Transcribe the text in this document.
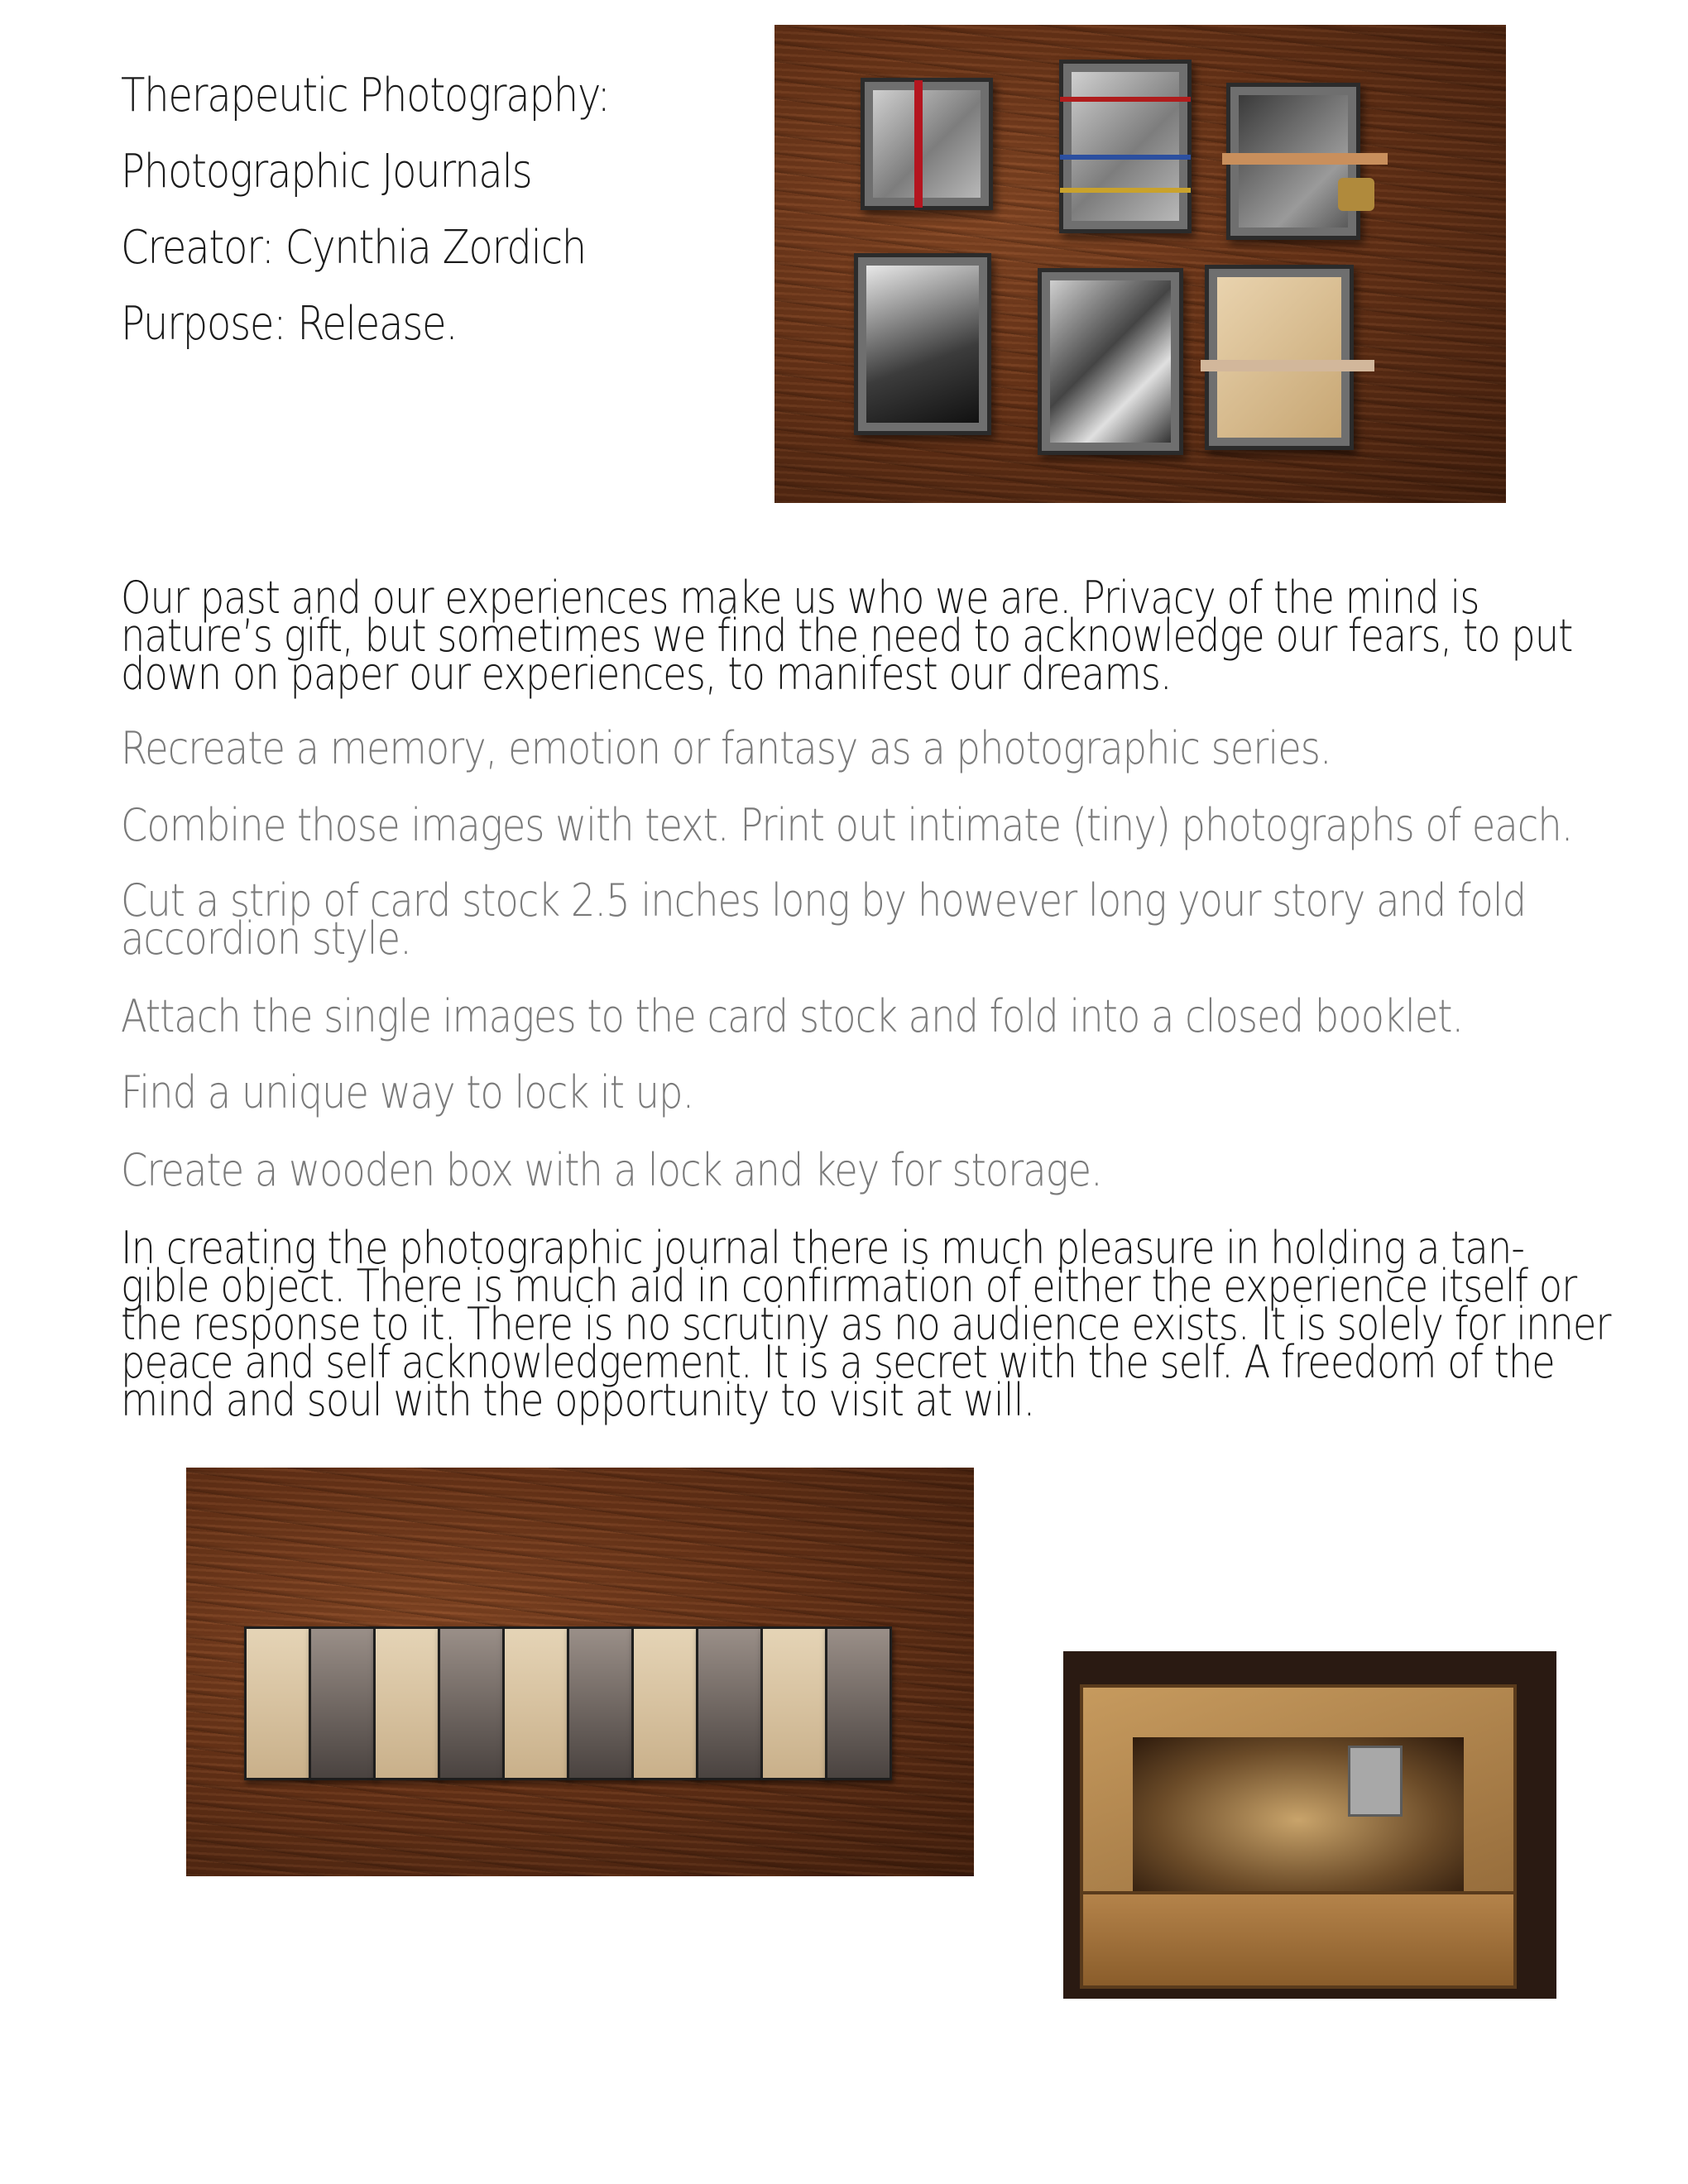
Therapeutic Photography:
Photographic Journals
Creator: Cynthia Zordich
Purpose: Release.
Our past and our experiences make us who we are. Privacy of the mind is
nature’s gift, but sometimes we find the need to acknowledge our fears, to put
down on paper our experiences, to manifest our dreams.
Recreate a memory, emotion or fantasy as a photographic series.
Combine those images with text. Print out intimate (tiny) photographs of each.
Cut a strip of card stock 2.5 inches long by however long your story and fold
accordion style.
Attach the single images to the card stock and fold into a closed booklet.
Find a unique way to lock it up.
Create a wooden box with a lock and key for storage.
In creating the photographic journal there is much pleasure in holding a tan-
gible object. There is much aid in confirmation of either the experience itself or
the response to it. There is no scrutiny as no audience exists. It is solely for inner
peace and self acknowledgement. It is a secret with the self. A freedom of the
mind and soul with the opportunity to visit at will.
